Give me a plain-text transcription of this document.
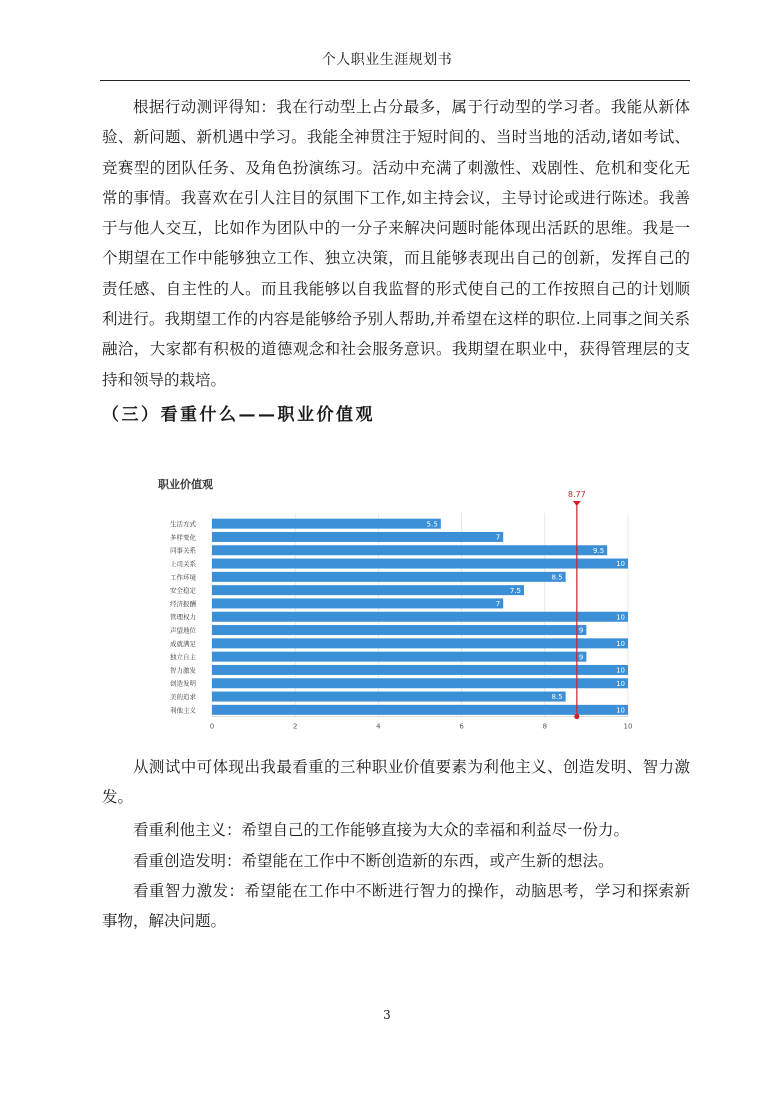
个人职业生涯规划书

根据行动测评得知：我在行动型上占分最多，属于行动型的学习者。我能从新体验、新问题、新机遇中学习。我能全神贯注于短时间的、当时当地的活动,诸如考试、竞赛型的团队任务、及角色扮演练习。活动中充满了刺激性、戏剧性、危机和变化无常的事情。我喜欢在引人注目的氛围下工作,如主持会议，主导讨论或进行陈述。我善于与他人交互，比如作为团队中的一分子来解决问题时能体现出活跃的思维。我是一个期望在工作中能够独立工作、独立决策，而且能够表现出自己的创新，发挥自己的责任感、自主性的人。而且我能够以自我监督的形式使自己的工作按照自己的计划顺利进行。我期望工作的内容是能够给予别人帮助,并希望在这样的职位.上同事之间关系融洽，大家都有积极的道德观念和社会服务意识。我期望在职业中，获得管理层的支持和领导的栽培。

（三）看重什么——职业价值观
职业价值观
生活方式	5.5
多样变化	7
同事关系	9.5
上司关系	10
工作环境	8.5
安全稳定	7.5
经济报酬	7
管理权力	10
声望地位	9
成就满足	10
独立自主	9
智力激发	10
创造发明	10
美的追求	8.5
利他主义	10
0	2	4	6	8	10
8.77

从测试中可体现出我最看重的三种职业价值要素为利他主义、创造发明、智力激发。

看重利他主义：希望自己的工作能够直接为大众的幸福和利益尽一份力。

看重创造发明：希望能在工作中不断创造新的东西，或产生新的想法。

看重智力激发：希望能在工作中不断进行智力的操作，动脑思考，学习和探索新事物，解决问题。

3
